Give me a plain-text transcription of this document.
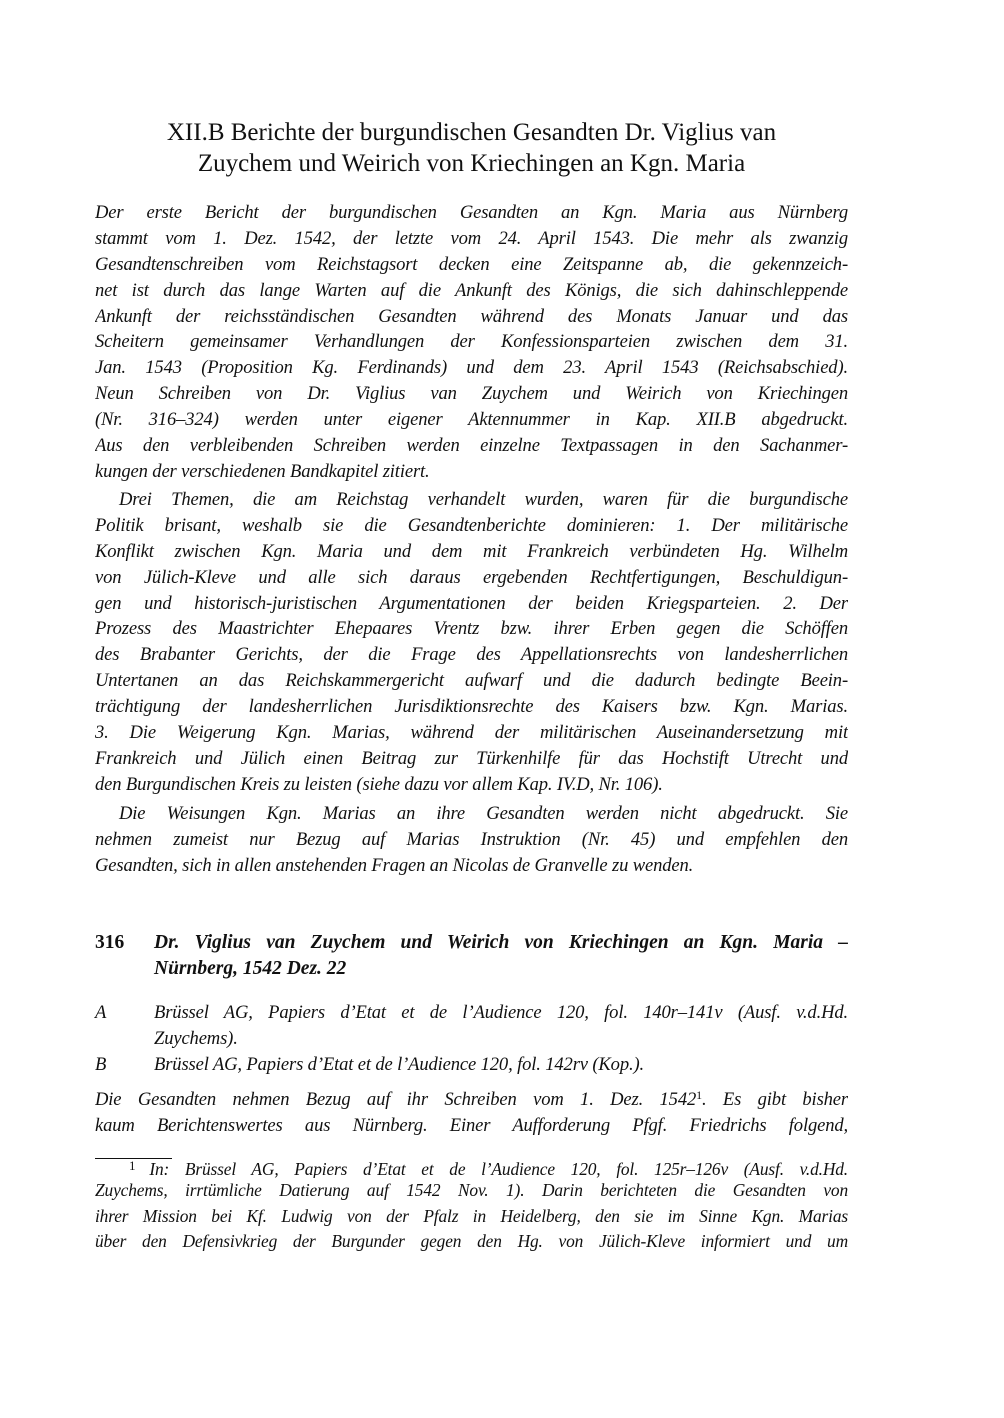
XII.B Berichte der burgundischen Gesandten Dr. Viglius van
Zuychem und Weirich von Kriechingen an Kgn. Maria
Der erste Bericht der burgundischen Gesandten an Kgn. Maria aus Nürnberg
stammt vom 1. Dez. 1542, der letzte vom 24. April 1543. Die mehr als zwanzig
Gesandtenschreiben vom Reichstagsort decken eine Zeitspanne ab, die gekennzeich-
net ist durch das lange Warten auf die Ankunft des Königs, die sich dahinschleppende
Ankunft der reichsständischen Gesandten während des Monats Januar und das
Scheitern gemeinsamer Verhandlungen der Konfessionsparteien zwischen dem 31.
Jan. 1543 (Proposition Kg. Ferdinands) und dem 23. April 1543 (Reichsabschied).
Neun Schreiben von Dr. Viglius van Zuychem und Weirich von Kriechingen
(Nr. 316–324) werden unter eigener Aktennummer in Kap. XII.B abgedruckt.
Aus den verbleibenden Schreiben werden einzelne Textpassagen in den Sachanmer-
kungen der verschiedenen Bandkapitel zitiert.
Drei Themen, die am Reichstag verhandelt wurden, waren für die burgundische
Politik brisant, weshalb sie die Gesandtenberichte dominieren: 1. Der militärische
Konflikt zwischen Kgn. Maria und dem mit Frankreich verbündeten Hg. Wilhelm
von Jülich-Kleve und alle sich daraus ergebenden Rechtfertigungen, Beschuldigun-
gen und historisch-juristischen Argumentationen der beiden Kriegsparteien. 2. Der
Prozess des Maastrichter Ehepaares Vrentz bzw. ihrer Erben gegen die Schöffen
des Brabanter Gerichts, der die Frage des Appellationsrechts von landesherrlichen
Untertanen an das Reichskammergericht aufwarf und die dadurch bedingte Beein-
trächtigung der landesherrlichen Jurisdiktionsrechte des Kaisers bzw. Kgn. Marias.
3. Die Weigerung Kgn. Marias, während der militärischen Auseinandersetzung mit
Frankreich und Jülich einen Beitrag zur Türkenhilfe für das Hochstift Utrecht und
den Burgundischen Kreis zu leisten (siehe dazu vor allem Kap. IV.D, Nr. 106).
Die Weisungen Kgn. Marias an ihre Gesandten werden nicht abgedruckt. Sie
nehmen zumeist nur Bezug auf Marias Instruktion (Nr. 45) und empfehlen den
Gesandten, sich in allen anstehenden Fragen an Nicolas de Granvelle zu wenden.
316 Dr. Viglius van Zuychem und Weirich von Kriechingen an Kgn. Maria –
Nürnberg, 1542 Dez. 22
A	Brüssel AG, Papiers d’Etat et de l’Audience 120, fol. 140r–141v (Ausf. v.d.Hd.
Zuychems).
B	Brüssel AG, Papiers d’Etat et de l’Audience 120, fol. 142rv (Kop.).
Die Gesandten nehmen Bezug auf ihr Schreiben vom 1. Dez. 1542$^1$. Es gibt bisher
kaum Berichtenswertes aus Nürnberg. Einer Aufforderung Pfgf. Friedrichs folgend,
$^1$ In: Brüssel AG, Papiers d’Etat et de l’Audience 120, fol. 125r–126v (Ausf. v.d.Hd.
Zuychems, irrtümliche Datierung auf 1542 Nov. 1). Darin berichteten die Gesandten von
ihrer Mission bei Kf. Ludwig von der Pfalz in Heidelberg, den sie im Sinne Kgn. Marias
über den Defensivkrieg der Burgunder gegen den Hg. von Jülich-Kleve informiert und um
